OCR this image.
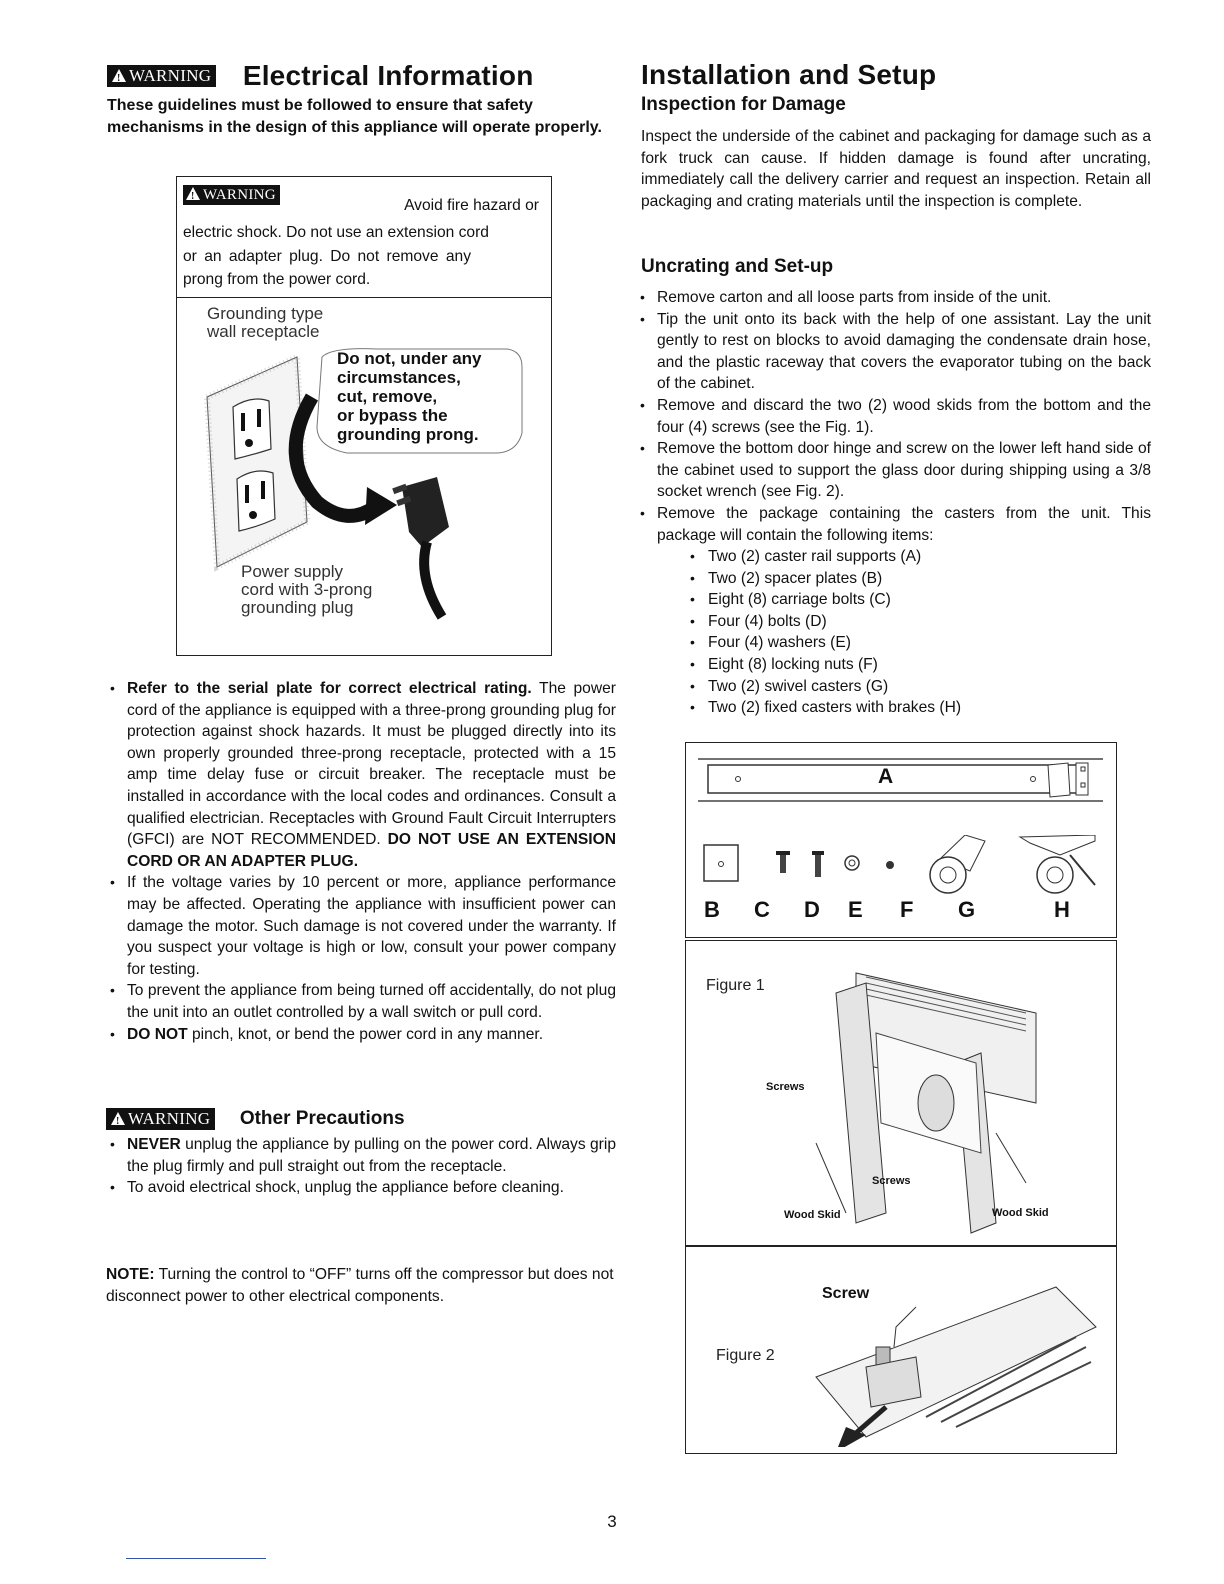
!WARNING Electrical Information

These guidelines must be followed to ensure that safety mechanisms in the design of this appliance will operate properly.

!WARNING
Avoid fire hazard or
electric shock. Do not use an extension cord
or an adapter plug. Do not remove any
prong from the power cord.
Grounding type
wall receptacle
Do not, under any
circumstances,
cut, remove,
or bypass the
grounding prong.
Power supply
cord with 3-prong
grounding plug
• Refer to the serial plate for correct electrical rating. The power cord of the appliance is equipped with a three-prong grounding plug for protection against shock hazards. It must be plugged directly into its own properly grounded three-prong receptacle, protected with a 15 amp time delay fuse or circuit breaker. The receptacle must be installed in accordance with the local codes and ordinances. Consult a qualified electrician. Receptacles with Ground Fault Circuit Interrupters (GFCI) are NOT RECOMMENDED. DO NOT USE AN EXTENSION CORD OR AN ADAPTER PLUG.
• If the voltage varies by 10 percent or more, appliance performance may be affected. Operating the appliance with insufficient power can damage the motor. Such damage is not covered under the warranty. If you suspect your voltage is high or low, consult your power company for testing.
• To prevent the appliance from being turned off accidentally, do not plug the unit into an outlet controlled by a wall switch or pull cord.
• DO NOT pinch, knot, or bend the power cord in any manner.
!WARNING Other Precautions
• NEVER unplug the appliance by pulling on the power cord. Always grip the plug firmly and pull straight out from the receptacle.
• To avoid electrical shock, unplug the appliance before cleaning.

NOTE: Turning the control to “OFF” turns off the compressor but does not disconnect power to other electrical components.

Installation and Setup
Inspection for Damage

Inspect the underside of the cabinet and packaging for damage such as a fork truck can cause. If hidden damage is found after uncrating, immediately call the delivery carrier and request an inspection. Retain all packaging and crating materials until the inspection is complete.

Uncrating and Set-up
• Remove carton and all loose parts from inside of the unit.
• Tip the unit onto its back with the help of one assistant. Lay the unit gently to rest on blocks to avoid damaging the condensate drain hose, and the plastic raceway that covers the evaporator tubing on the back of the cabinet.
• Remove and discard the two (2) wood skids from the bottom and the four (4) screws (see the Fig. 1).
• Remove the bottom door hinge and screw on the lower left hand side of the cabinet used to support the glass door during shipping using a 3/8 socket wrench (see Fig. 2).
• Remove the package containing the casters from the unit. This package will contain the following items:
• Two (2) caster rail supports (A)
• Two (2) spacer plates (B)
• Eight (8) carriage bolts (C)
• Four (4) bolts (D)
• Four (4) washers (E)
• Eight (8) locking nuts (F)
• Two (2) swivel casters (G)
• Two (2) fixed casters with brakes (H)
A
B C D E F G	H
Figure 1
Screws
Screws
Wood Skid	Wood Skid
Figure 2
Screw
3
